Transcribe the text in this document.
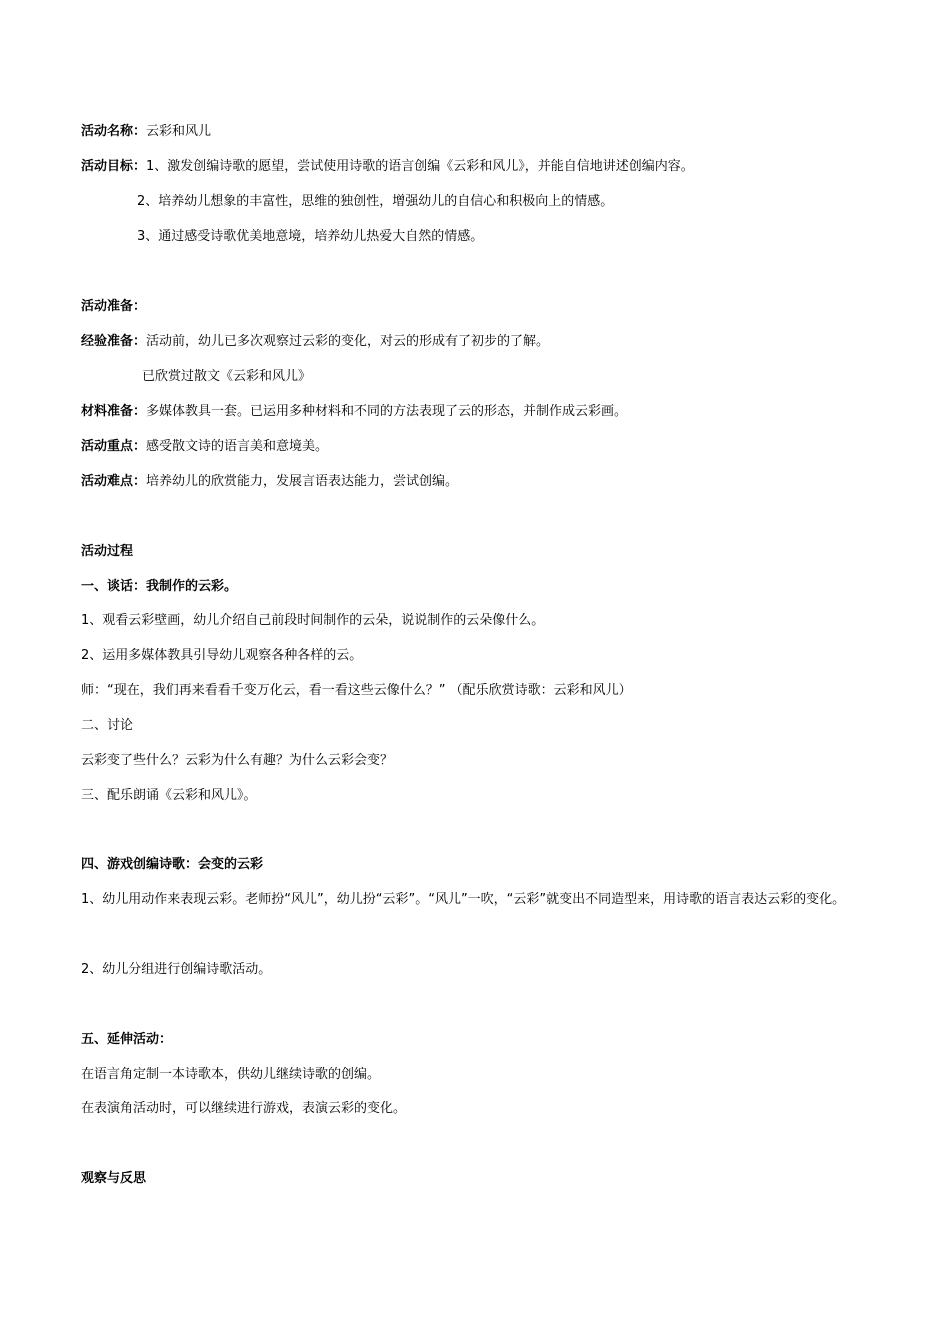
活动名称：云彩和风儿
活动目标：1、激发创编诗歌的愿望，尝试使用诗歌的语言创编《云彩和风儿》，并能自信地讲述创编内容。
2、培养幼儿想象的丰富性，思维的独创性，增强幼儿的自信心和积极向上的情感。
3、通过感受诗歌优美地意境，培养幼儿热爱大自然的情感。
活动准备：
经验准备：活动前，幼儿已多次观察过云彩的变化，对云的形成有了初步的了解。
已欣赏过散文《云彩和风儿》
材料准备：多媒体教具一套。已运用多种材料和不同的方法表现了云的形态，并制作成云彩画。
活动重点：感受散文诗的语言美和意境美。
活动难点：培养幼儿的欣赏能力，发展言语表达能力，尝试创编。
活动过程
一、谈话：我制作的云彩。
1、观看云彩壁画，幼儿介绍自己前段时间制作的云朵，说说制作的云朵像什么。
2、运用多媒体教具引导幼儿观察各种各样的云。
师：“现在，我们再来看看千变万化云，看一看这些云像什么？” （配乐欣赏诗歌：云彩和风儿）
二、讨论
云彩变了些什么？云彩为什么有趣？为什么云彩会变？
三、配乐朗诵《云彩和风儿》。
四、游戏创编诗歌：会变的云彩
1、幼儿用动作来表现云彩。老师扮“风儿”，幼儿扮“云彩”。“风儿”一吹，“云彩”就变出不同造型来，用诗歌的语言表达云彩的变化。
2、幼儿分组进行创编诗歌活动。
五、延伸活动：
在语言角定制一本诗歌本，供幼儿继续诗歌的创编。
在表演角活动时，可以继续进行游戏，表演云彩的变化。
观察与反思
